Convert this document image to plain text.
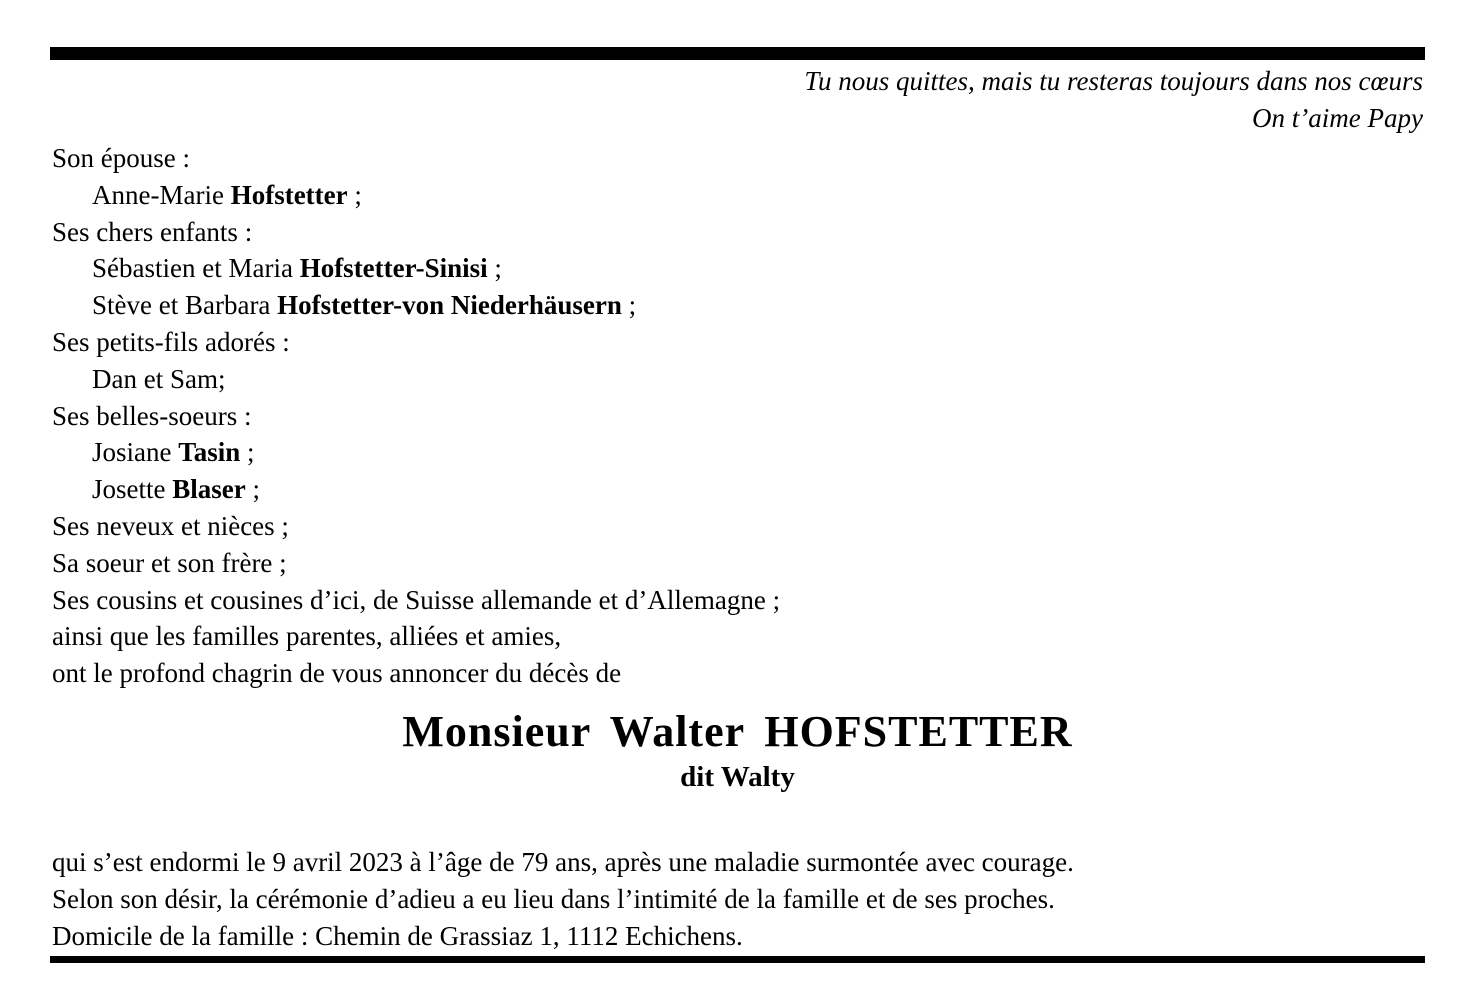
Tu nous quittes, mais tu resteras toujours dans nos cœurs
On t’aime Papy
Son épouse :
Anne-Marie Hofstetter ;
Ses chers enfants :
Sébastien et Maria Hofstetter-Sinisi ;
Stève et Barbara Hofstetter-von Niederhäusern ;
Ses petits-fils adorés :
Dan et Sam;
Ses belles-soeurs :
Josiane Tasin ;
Josette Blaser ;
Ses neveux et nièces ;
Sa soeur et son frère ;
Ses cousins et cousines d’ici, de Suisse allemande et d’Allemagne ;
ainsi que les familles parentes, alliées et amies,
ont le profond chagrin de vous annoncer du décès de
Monsieur Walter HOFSTETTER
dit Walty
qui s’est endormi le 9 avril 2023 à l’âge de 79 ans, après une maladie surmontée avec courage.
Selon son désir, la cérémonie d’adieu a eu lieu dans l’intimité de la famille et de ses proches.
Domicile de la famille : Chemin de Grassiaz 1, 1112 Echichens.
